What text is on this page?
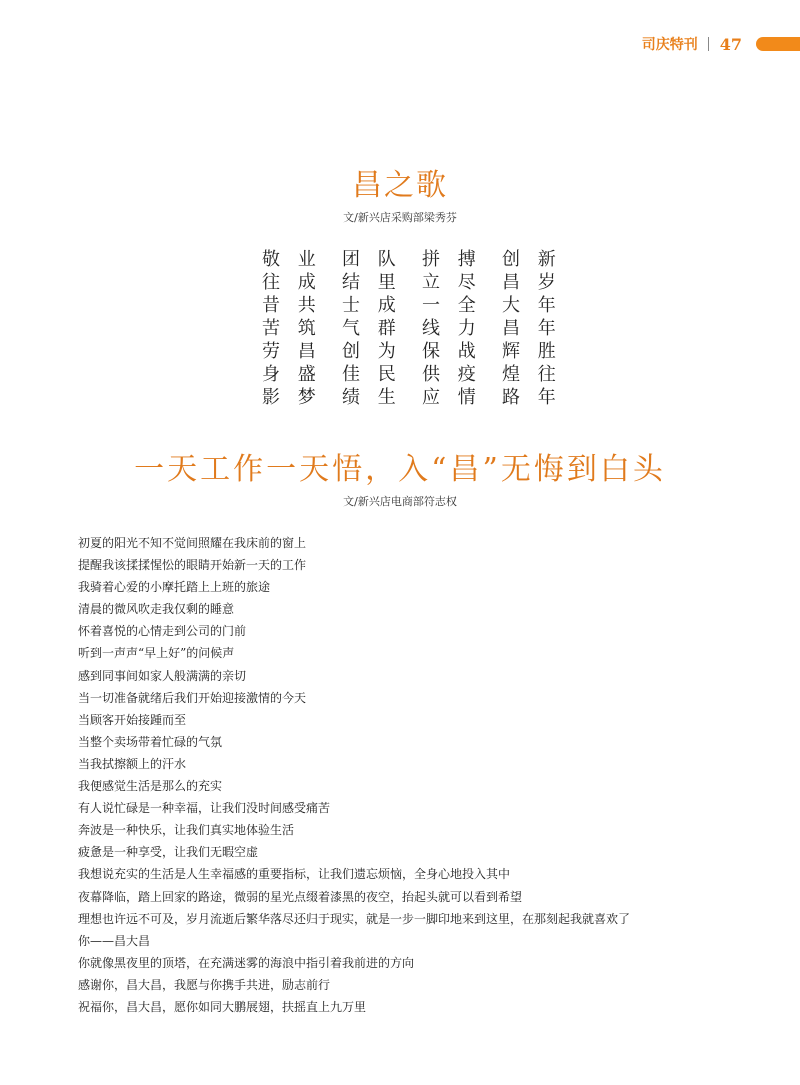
司庆特刊 47
昌之歌
文/新兴店采购部梁秀芬
敬 业	团 队	拼 搏	创 新
往 成	结 里	立 尽	昌 岁
昔 共	士 成	一 全	大 年
苦 筑	气 群	线 力	昌 年
劳 昌	创 为	保 战	辉 胜
身 盛	佳 民	供 疫	煌 往
影 梦	绩 生	应 情	路 年
一天工作一天悟，入“昌”无悔到白头
文/新兴店电商部符志权
初夏的阳光不知不觉间照耀在我床前的窗上
提醒我该揉揉惺忪的眼睛开始新一天的工作
我骑着心爱的小摩托踏上上班的旅途
清晨的微风吹走我仅剩的睡意
怀着喜悦的心情走到公司的门前
听到一声声“早上好”的问候声
感到同事间如家人般满满的亲切
当一切准备就绪后我们开始迎接激情的今天
当顾客开始接踵而至
当整个卖场带着忙碌的气氛
当我拭擦额上的汗水
我便感觉生活是那么的充实
有人说忙碌是一种幸福，让我们没时间感受痛苦
奔波是一种快乐，让我们真实地体验生活
疲惫是一种享受，让我们无暇空虚
我想说充实的生活是人生幸福感的重要指标，让我们遗忘烦恼，全身心地投入其中
夜幕降临，踏上回家的路途，微弱的星光点缀着漆黑的夜空，抬起头就可以看到希望
理想也许远不可及，岁月流逝后繁华落尽还归于现实，就是一步一脚印地来到这里，在那刻起我就喜欢了
你——昌大昌
你就像黑夜里的顶塔，在充满迷雾的海浪中指引着我前进的方向
感谢你，昌大昌，我愿与你携手共进，励志前行
祝福你，昌大昌，愿你如同大鹏展翅，扶摇直上九万里
